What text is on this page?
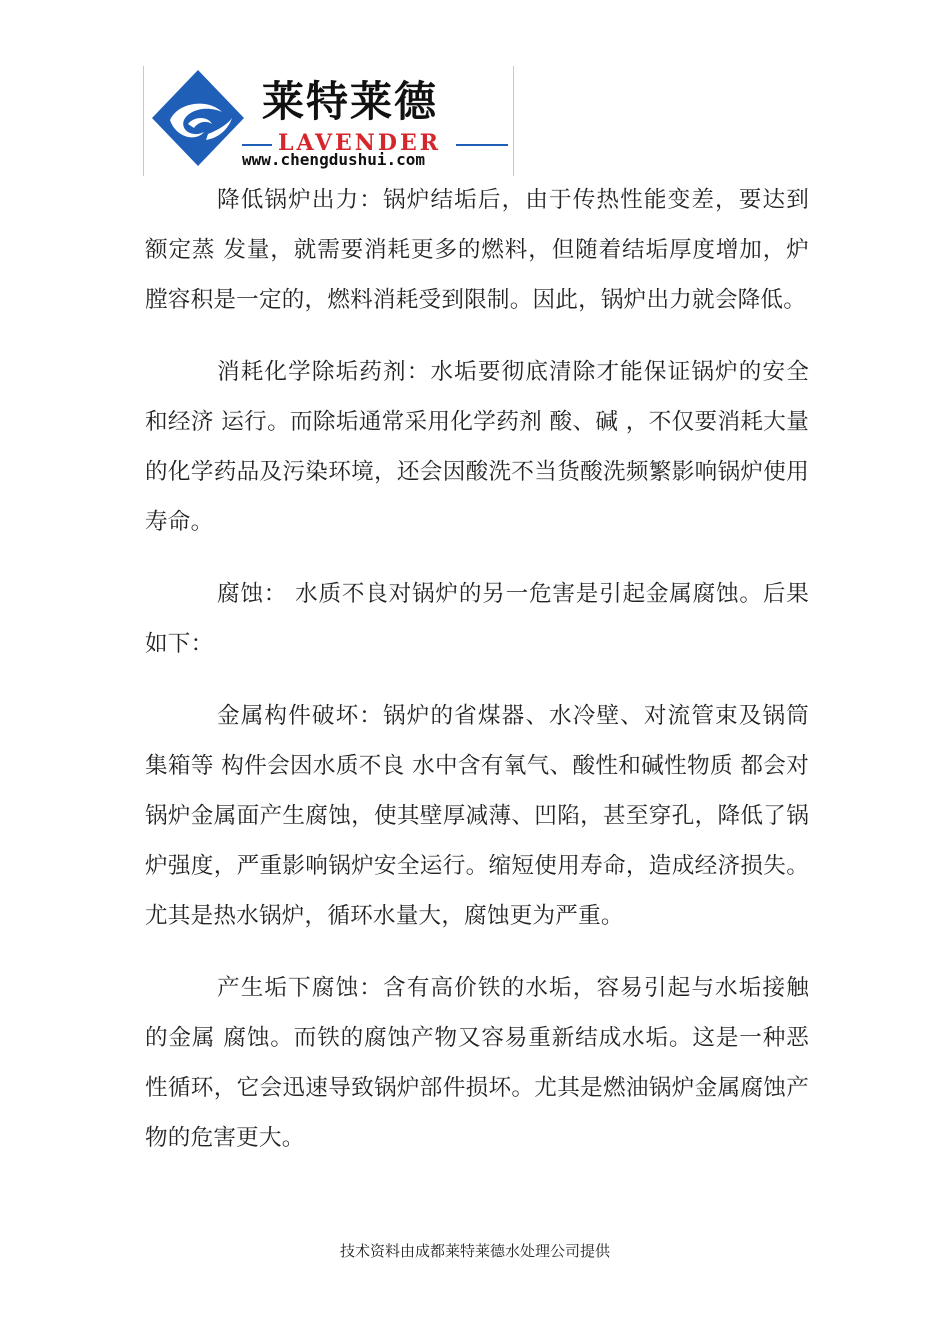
莱特莱德
LAVENDER
www.chengdushui.com

降低锅炉出力：锅炉结垢后，由于传热性能变差，要达到额定蒸 发量，就需要消耗更多的燃料，但随着结垢厚度增加，炉膛容积是一定的，燃料消耗受到限制。因此，锅炉出力就会降低。

消耗化学除垢药剂：水垢要彻底清除才能保证锅炉的安全和经济 运行。而除垢通常采用化学药剂 酸、碱 ，不仅要消耗大量的化学药品及污染环境，还会因酸洗不当货酸洗频繁影响锅炉使用寿命。

腐蚀： 水质不良对锅炉的另一危害是引起金属腐蚀。后果如下：

金属构件破坏：锅炉的省煤器、水冷壁、对流管束及锅筒集箱等 构件会因水质不良 水中含有氧气、酸性和碱性物质 都会对锅炉金属面产生腐蚀，使其壁厚减薄、凹陷，甚至穿孔，降低了锅炉强度，严重影响锅炉安全运行。缩短使用寿命，造成经济损失。尤其是热水锅炉，循环水量大，腐蚀更为严重。

产生垢下腐蚀：含有高价铁的水垢，容易引起与水垢接触的金属 腐蚀。而铁的腐蚀产物又容易重新结成水垢。这是一种恶性循环，它会迅速导致锅炉部件损坏。尤其是燃油锅炉金属腐蚀产物的危害更大。

技术资料由成都莱特莱德水处理公司提供
